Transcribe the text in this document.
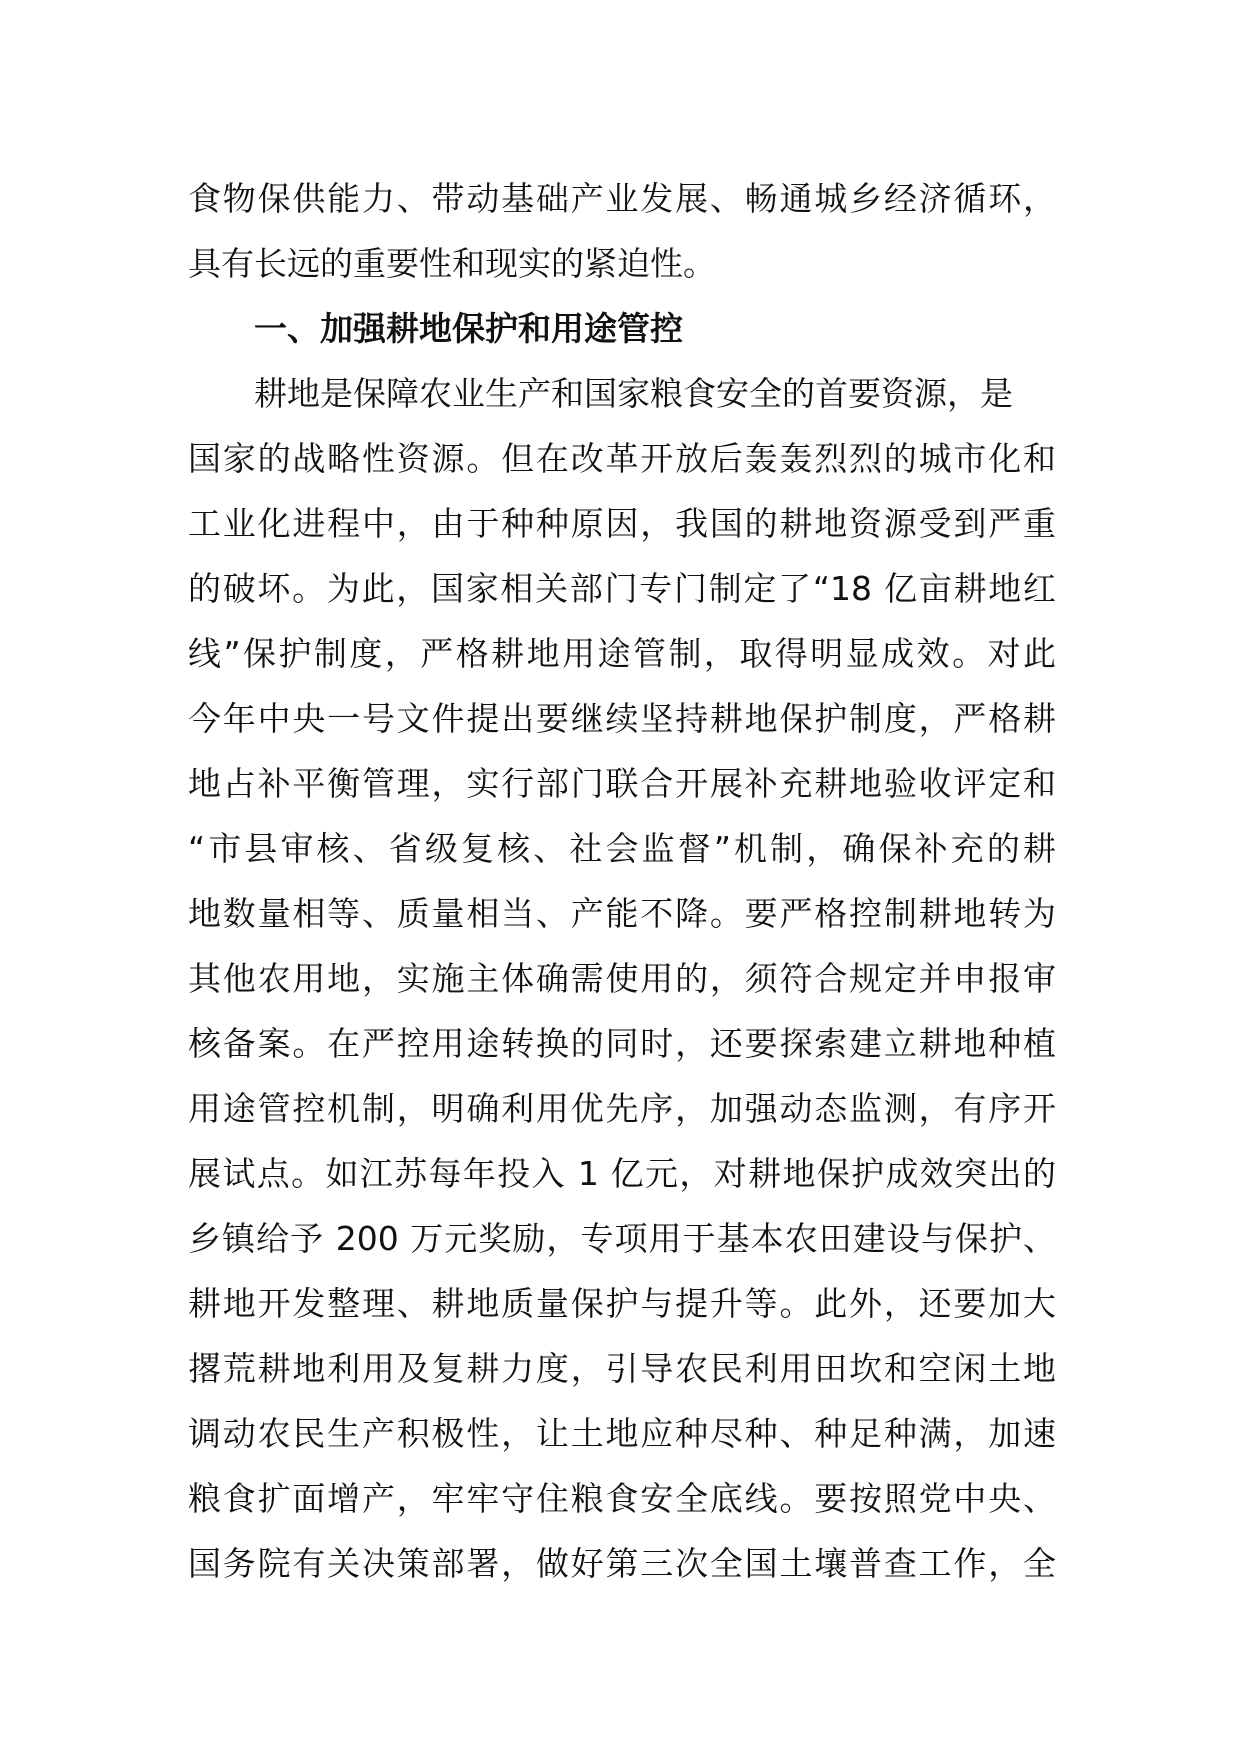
食物保供能力、带动基础产业发展、畅通城乡经济循环，
具有长远的重要性和现实的紧迫性。
一、加强耕地保护和用途管控
耕地是保障农业生产和国家粮食安全的首要资源，是
国家的战略性资源。但在改革开放后轰轰烈烈的城市化和
工业化进程中，由于种种原因，我国的耕地资源受到严重
的破坏。为此，国家相关部门专门制定了“18 亿亩耕地红
线”保护制度，严格耕地用途管制，取得明显成效。对此
今年中央一号文件提出要继续坚持耕地保护制度，严格耕
地占补平衡管理，实行部门联合开展补充耕地验收评定和
“市县审核、省级复核、社会监督”机制，确保补充的耕
地数量相等、质量相当、产能不降。要严格控制耕地转为
其他农用地，实施主体确需使用的，须符合规定并申报审
核备案。在严控用途转换的同时，还要探索建立耕地种植
用途管控机制，明确利用优先序，加强动态监测，有序开
展试点。如江苏每年投入 1 亿元，对耕地保护成效突出的
乡镇给予 200 万元奖励，专项用于基本农田建设与保护、
耕地开发整理、耕地质量保护与提升等。此外，还要加大
撂荒耕地利用及复耕力度，引导农民利用田坎和空闲土地
调动农民生产积极性，让土地应种尽种、种足种满，加速
粮食扩面增产，牢牢守住粮食安全底线。要按照党中央、
国务院有关决策部署，做好第三次全国土壤普查工作，全
